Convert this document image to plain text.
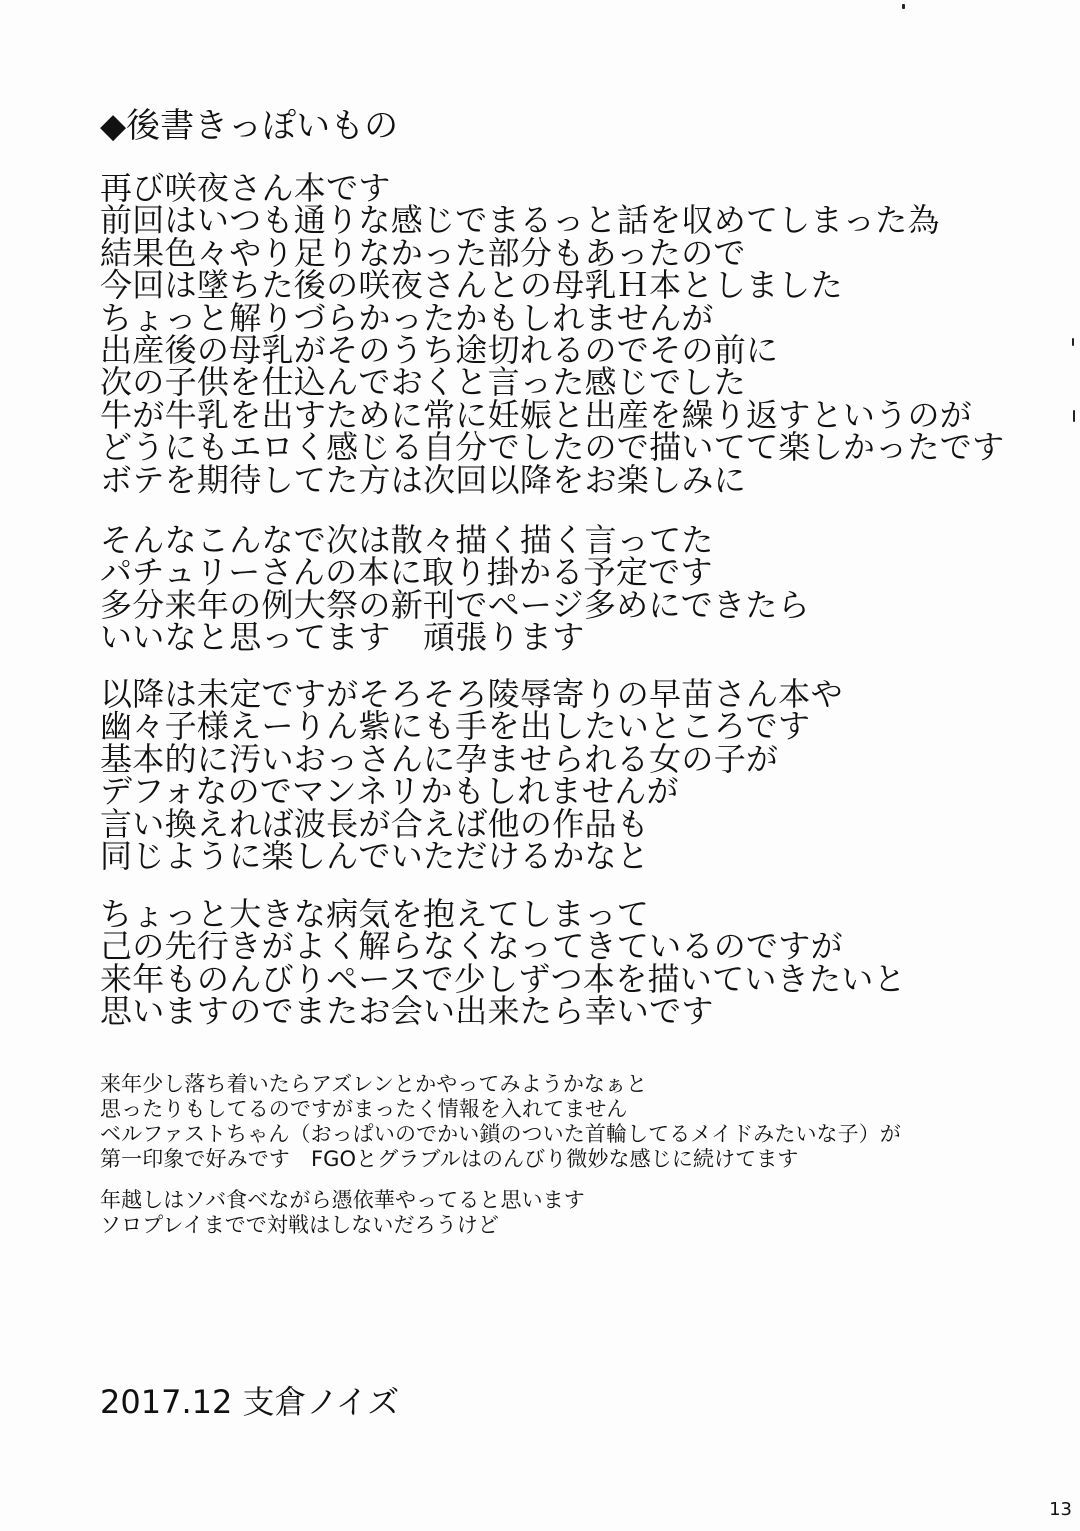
◆後書きっぽいもの
再び咲夜さん本です
前回はいつも通りな感じでまるっと話を収めてしまった為
結果色々やり足りなかった部分もあったので
今回は墜ちた後の咲夜さんとの母乳Ｈ本としました
ちょっと解りづらかったかもしれませんが
出産後の母乳がそのうち途切れるのでその前に
次の子供を仕込んでおくと言った感じでした
牛が牛乳を出すために常に妊娠と出産を繰り返すというのが
どうにもエロく感じる自分でしたので描いてて楽しかったです
ボテを期待してた方は次回以降をお楽しみに
そんなこんなで次は散々描く描く言ってた
パチュリーさんの本に取り掛かる予定です
多分来年の例大祭の新刊でページ多めにできたら
いいなと思ってます　頑張ります
以降は未定ですがそろそろ陵辱寄りの早苗さん本や
幽々子様えーりん紫にも手を出したいところです
基本的に汚いおっさんに孕ませられる女の子が
デフォなのでマンネリかもしれませんが
言い換えれば波長が合えば他の作品も
同じように楽しんでいただけるかなと
ちょっと大きな病気を抱えてしまって
己の先行きがよく解らなくなってきているのですが
来年ものんびりペースで少しずつ本を描いていきたいと
思いますのでまたお会い出来たら幸いです
来年少し落ち着いたらアズレンとかやってみようかなぁと
思ったりもしてるのですがまったく情報を入れてません
ベルファストちゃん（おっぱいのでかい鎖のついた首輪してるメイドみたいな子）が
第一印象で好みです　FGOとグラブルはのんびり微妙な感じに続けてます
年越しはソバ食べながら憑依華やってると思います
ソロプレイまでで対戦はしないだろうけど
2017.12 支倉ノイズ
13
